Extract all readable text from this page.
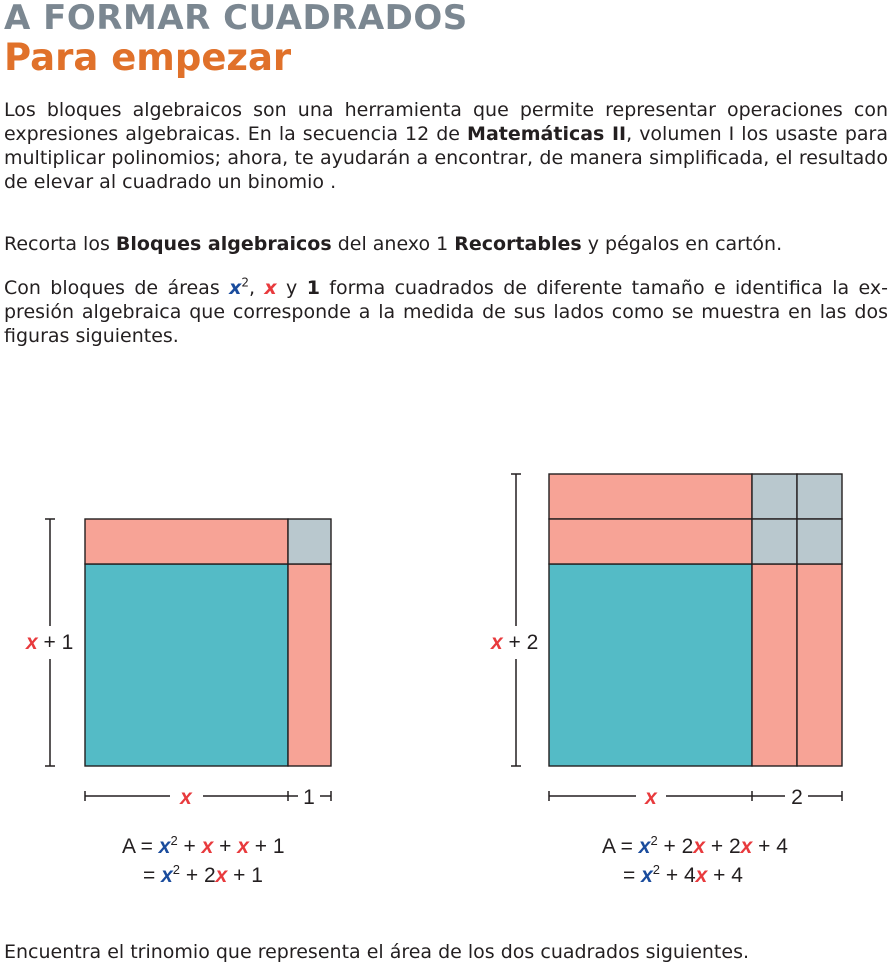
A FORMAR CUADRADOS
Para empezar

Los bloques algebraicos son una herramienta que permite representar operaciones con expresiones algebraicas. En la secuencia 12 de Matemáticas II, volumen I los usaste para multiplicar polinomios; ahora, te ayudarán a encontrar, de manera simplificada, el resultado de elevar al cuadrado un binomio .

Recorta los Bloques algebraicos del anexo 1 Recortables y pégalos en cartón.

Con bloques de áreas $x^2$, x y 1 forma cuadrados de diferente tamaño e identifica la expresión algebraica que corresponde a la medida de sus lados como se muestra en las dos figuras siguientes.

x + 1
x	1
x + 2
x	2
$A = x^2 + x + x + 1$
= $x^2 + 2x + 1$
$A = x^2 + 2x + 2x + 4$
= $x^2 + 4x + 4$

Encuentra el trinomio que representa el área de los dos cuadrados siguientes.
